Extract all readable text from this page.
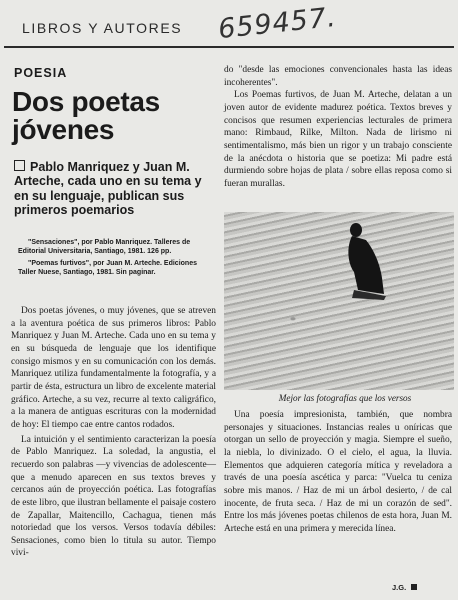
LIBROS Y AUTORES 659457.
POESIA
Dos poetas jóvenes
Pablo Manriquez y Juan M. Arteche, cada uno en su tema y en su lenguaje, publican sus primeros poemarios

"Sensaciones", por Pablo Manriquez. Talleres de Editorial Universitaria, Santiago, 1981. 126 pp.

"Poemas furtivos", por Juan M. Arteche. Ediciones Taller Nuese, Santiago, 1981. Sin paginar.

Dos poetas jóvenes, o muy jóvenes, que se atreven a la aventura poética de sus primeros libros: Pablo Manriquez y Juan M. Arteche. Cada uno en su tema y en su búsqueda de lenguaje que los identifique consigo mismos y en su comunicación con los demás. Manriquez utiliza fundamentalmente la fotografía, y a partir de ésta, estructura un libro de excelente material gráfico. Arteche, a su vez, recurre al texto caligráfico, a la manera de antiguas escrituras con la modernidad de hoy: El tiempo cae entre cantos rodados.

La intuición y el sentimiento caracterizan la poesía de Pablo Manriquez. La soledad, la angustia, el recuerdo son palabras —y vivencias de adolescente— que a menudo aparecen en sus textos breves y cercanos aún de proyección poética. Las fotografías de este libro, que ilustran bellamente el paisaje costero de Zapallar, Maitencillo, Cachagua, tienen más notoriedad que los versos. Versos todavía débiles: Sensaciones, como bien lo titula su autor. Tiempo vivi-

do "desde las emociones convencionales hasta las ideas incoherentes".

Los Poemas furtivos, de Juan M. Arteche, delatan a un joven autor de evidente madurez poética. Textos breves y concisos que resumen experiencias lecturales de primera mano: Rimbaud, Rilke, Milton. Nada de lirismo ni sentimentalismo, más bien un rigor y un trabajo consciente de la anécdota o historia que se poetiza: Mi padre está durmiendo sobre hojas de plata / sobre ellas reposa como si fueran murallas.

Mejor las fotografías que los versos

Una poesía impresionista, también, que nombra personajes y situaciones. Instancias reales u oníricas que otorgan un sello de proyección y magia. Siempre el sueño, la niebla, lo divinizado. O el cielo, el agua, la lluvia. Elementos que adquieren categoría mítica y reveladora a través de una poesía ascética y parca: "Vuelca tu ceniza sobre mis manos. / Haz de mi un árbol desierto, / de cal inocente, de fruta seca. / Haz de mi un corazón de sed". Entre los más jóvenes poetas chilenos de esta hora, Juan M. Arteche está en una primera y merecida línea.

J.G.
